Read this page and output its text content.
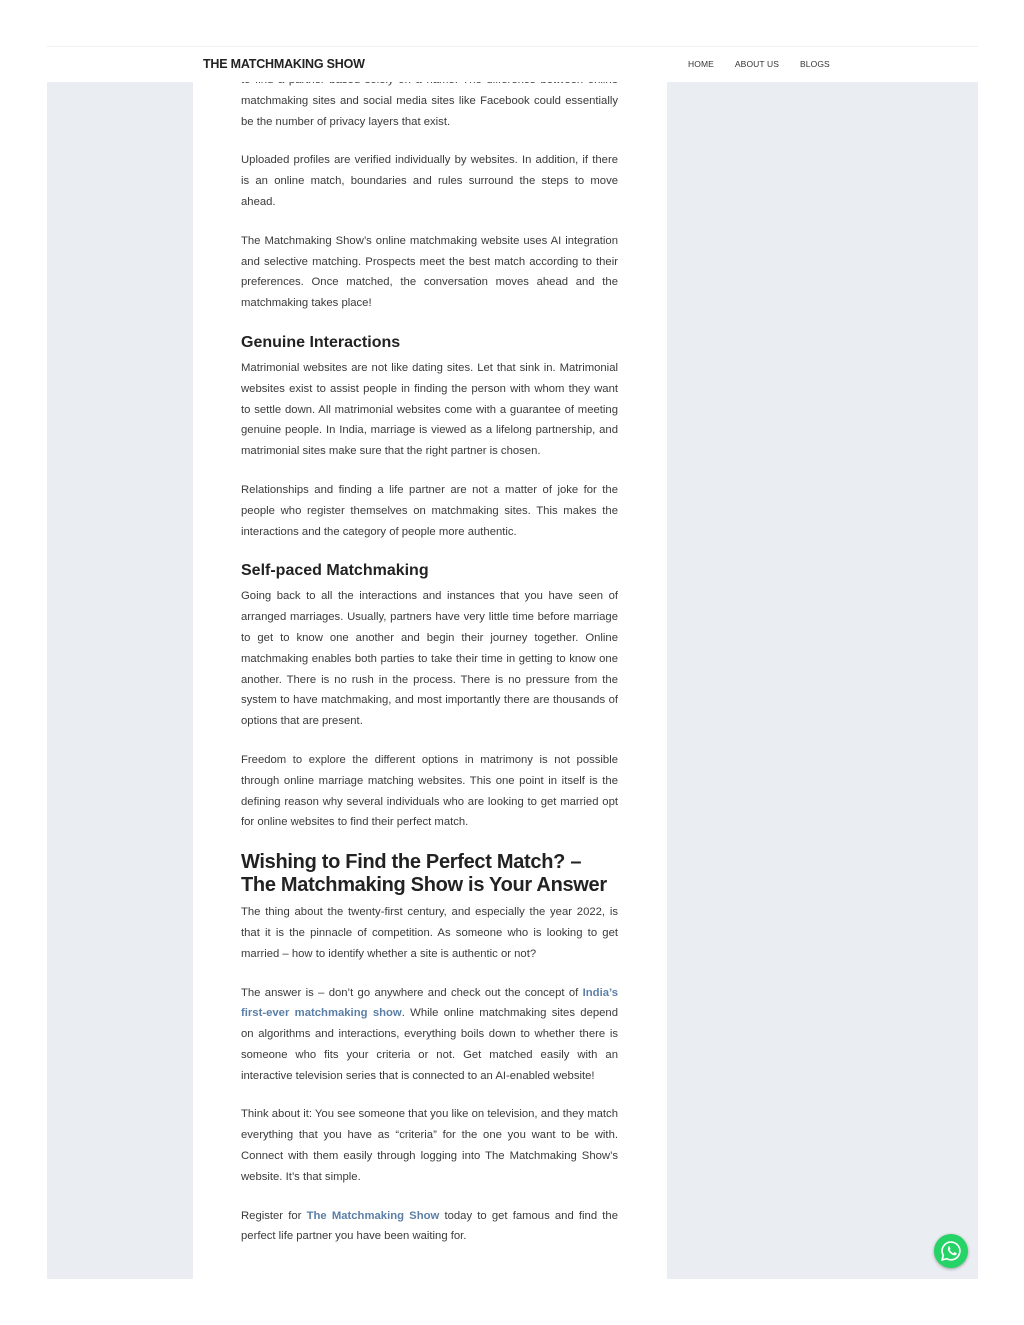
matchmaking sites and social media sites like Facebook could essentially be the number of privacy layers that exist.

Uploaded profiles are verified individually by websites. In addition, if there is an online match, boundaries and rules surround the steps to move ahead.

The Matchmaking Show’s online matchmaking website uses AI integration and selective matching. Prospects meet the best match according to their preferences. Once matched, the conversation moves ahead and the matchmaking takes place!

Genuine Interactions

Matrimonial websites are not like dating sites. Let that sink in. Matrimonial websites exist to assist people in finding the person with whom they want to settle down. All matrimonial websites come with a guarantee of meeting genuine people. In India, marriage is viewed as a lifelong partnership, and matrimonial sites make sure that the right partner is chosen.

Relationships and finding a life partner are not a matter of joke for the people who register themselves on matchmaking sites. This makes the interactions and the category of people more authentic.

Self-paced Matchmaking

Going back to all the interactions and instances that you have seen of arranged marriages. Usually, partners have very little time before marriage to get to know one another and begin their journey together. Online matchmaking enables both parties to take their time in getting to know one another. There is no rush in the process. There is no pressure from the system to have matchmaking, and most importantly there are thousands of options that are present.

Freedom to explore the different options in matrimony is not possible through online marriage matching websites. This one point in itself is the defining reason why several individuals who are looking to get married opt for online websites to find their perfect match.

Wishing to Find the Perfect Match? – The Matchmaking Show is Your Answer

The thing about the twenty-first century, and especially the year 2022, is that it is the pinnacle of competition. As someone who is looking to get married – how to identify whether a site is authentic or not?

The answer is – don’t go anywhere and check out the concept of India’s first-ever matchmaking show. While online matchmaking sites depend on algorithms and interactions, everything boils down to whether there is someone who fits your criteria or not. Get matched easily with an interactive television series that is connected to an AI-enabled website!

Think about it: You see someone that you like on television, and they match everything that you have as “criteria” for the one you want to be with. Connect with them easily through logging into The Matchmaking Show’s website. It’s that simple.

Register for The Matchmaking Show today to get famous and find the perfect life partner you have been waiting for.

THE MATCHMAKING SHOW	HOME ABOUT US BLOGS
